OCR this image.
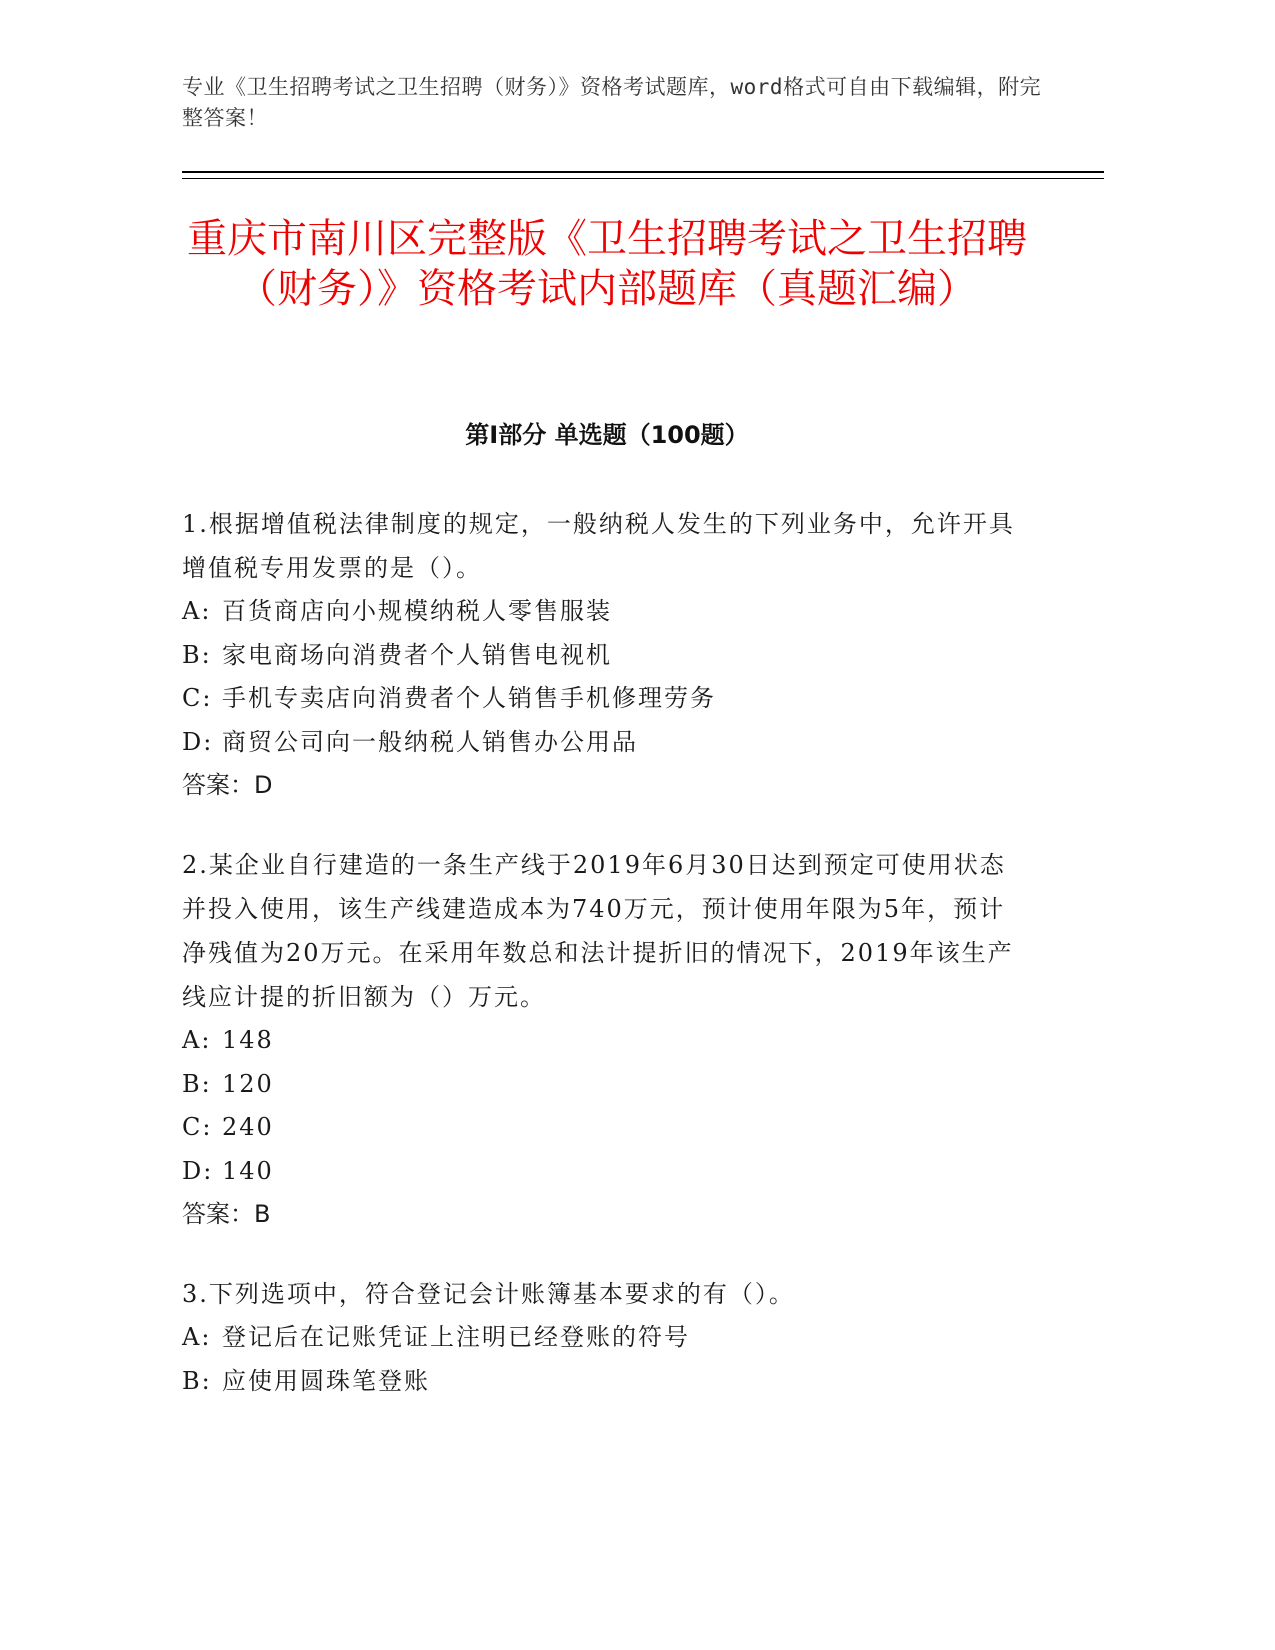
专业《卫生招聘考试之卫生招聘（财务）》资格考试题库，word格式可自由下载编辑，附完整答案！
重庆市南川区完整版《卫生招聘考试之卫生招聘（财务）》资格考试内部题库（真题汇编）
第I部分 单选题（100题）

1.根据增值税法律制度的规定，一般纳税人发生的下列业务中，允许开具增值税专用发票的是（）。

A: 百货商店向小规模纳税人零售服装

B: 家电商场向消费者个人销售电视机

C: 手机专卖店向消费者个人销售手机修理劳务

D: 商贸公司向一般纳税人销售办公用品

答案：D

2.某企业自行建造的一条生产线于2019年6月30日达到预定可使用状态并投入使用，该生产线建造成本为740万元，预计使用年限为5年，预计净残值为20万元。在采用年数总和法计提折旧的情况下，2019年该生产线应计提的折旧额为（）万元。

A: 148

B: 120

C: 240

D: 140

答案：B

3.下列选项中，符合登记会计账簿基本要求的有（）。

A: 登记后在记账凭证上注明已经登账的符号

B: 应使用圆珠笔登账
